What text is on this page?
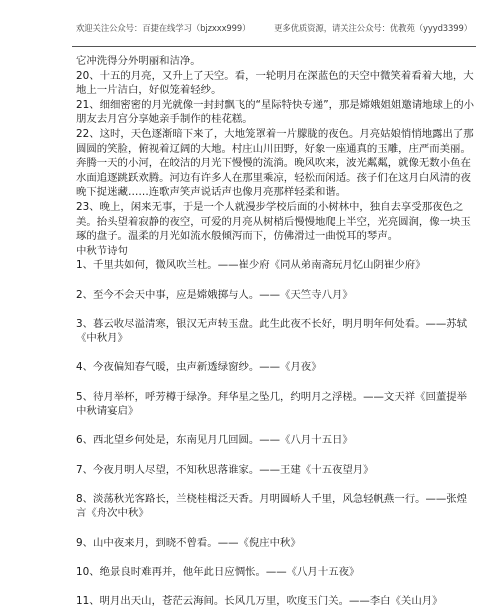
欢迎关注公众号：百捷在线学习（bjzxxx999）	更多优质资源，请关注公众号：优教苑（yyyd3399）

它冲洗得分外明丽和洁净。

20、十五的月亮，又升上了天空。看，一轮明月在深蓝色的天空中微笑着看着大地，大地上一片洁白，好似笼着轻纱。

21、细细密密的月光就像一封封飘飞的“星际特快专递”，那是嫦娥姐姐邀请地球上的小朋友去月宫分享她亲手制作的桂花糕。

22、这时，天色逐渐暗下来了，大地笼罩着一片朦胧的夜色。月亮姑娘悄悄地露出了那圆圆的笑脸，俯视着辽阔的大地。村庄山川田野，好象一座通真的玉雕，庄严而美丽。奔腾一天的小河，在皎洁的月光下慢慢的流淌。晚风吹来，波光粼粼，就像无数小鱼在水面追逐跳跃欢腾。河边有许多人在那里乘凉，轻松而闲适。孩子们在这月白风清的夜晚下捉迷藏……连歌声笑声说话声也像月亮那样轻柔和谐。

23、晚上，闲来无事，于是一个人就漫步学校后面的小树林中，独自去享受那夜色之美。抬头望着寂静的夜空，可爱的月亮从树梢后慢慢地爬上半空，光亮圆润，像一块玉琢的盘子。温柔的月光如流水般倾泻而下，仿佛滑过一曲悦耳的琴声。

中秋节诗句

1、千里共如何，微风吹兰杜。——崔少府《同从弟南斋玩月忆山阴崔少府》

2、至今不会天中事，应是嫦娥掷与人。——《天竺寺八月》

3、暮云收尽溢清寒，银汉无声转玉盘。此生此夜不长好，明月明年何处看。——苏轼《中秋月》

4、今夜偏知春气暖，虫声新透绿窗纱。——《月夜》

5、待月举杯，呼芳樽于绿净。拜华星之坠几，约明月之浮槎。——文天祥《回董提举中秋请宴启》

6、西北望乡何处是，东南见月几回圆。——《八月十五日》

7、今夜月明人尽望，不知秋思落谁家。——王建《十五夜望月》

8、淡荡秋光客路长，兰桡桂楫泛天香。月明圆峤人千里，风急轻帆燕一行。——张煌言《舟次中秋》

9、山中夜来月，到晓不曾看。——《倪庄中秋》

10、绝景良时难再并，他年此日应惆怅。——《八月十五夜》

11、明月出天山，苍茫云海间。长风几万里，吹度玉门关。——李白《关山月》
